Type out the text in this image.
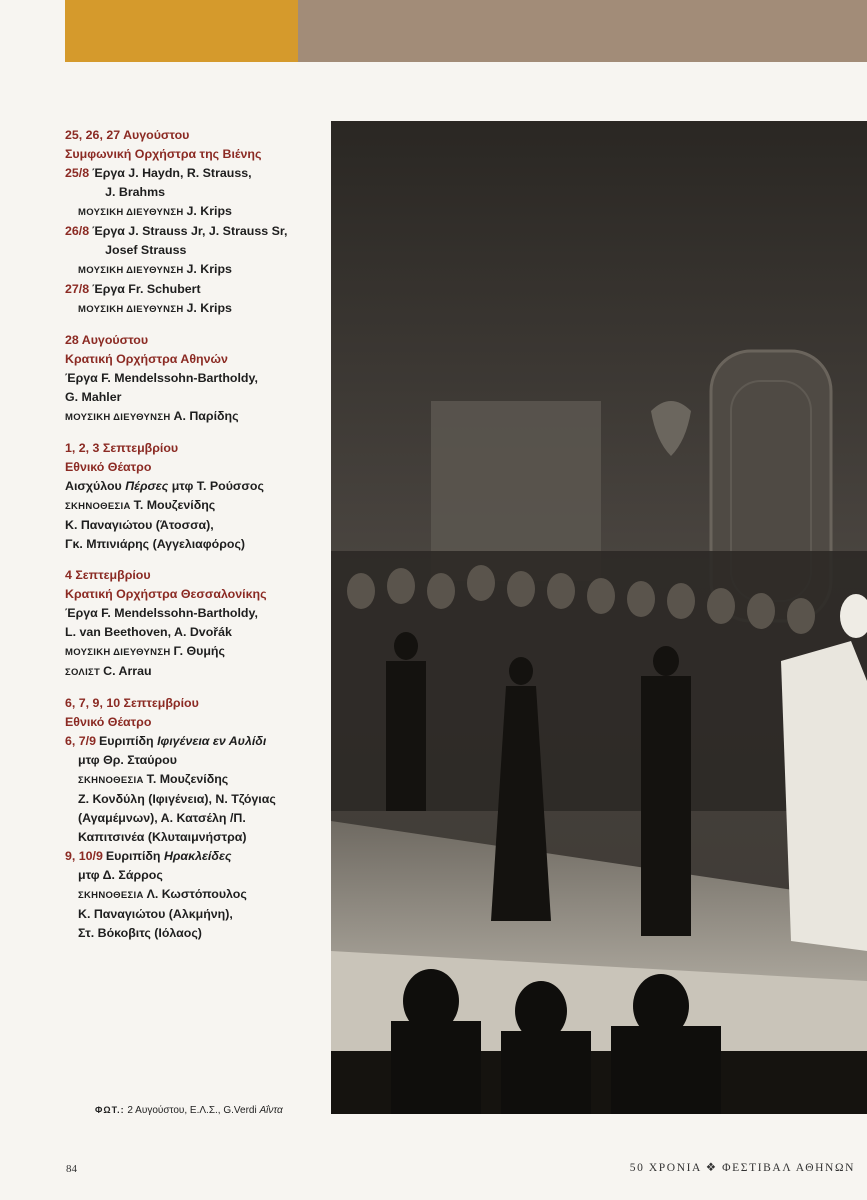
25, 26, 27 Αυγούστου
Συμφωνική Ορχήστρα της Βιένης
25/8 Έργα J. Haydn, R. Strauss,
J. Brahms
ΜΟΥΣΙΚΗ ΔΙΕΥΘΥΝΣΗ J. Krips
26/8 Έργα J. Strauss Jr, J. Strauss Sr,
Josef Strauss
ΜΟΥΣΙΚΗ ΔΙΕΥΘΥΝΣΗ J. Krips
27/8 Έργα Fr. Schubert
ΜΟΥΣΙΚΗ ΔΙΕΥΘΥΝΣΗ J. Krips
28 Αυγούστου
Κρατική Ορχήστρα Αθηνών
Έργα F. Mendelssohn-Bartholdy,
G. Mahler
ΜΟΥΣΙΚΗ ΔΙΕΥΘΥΝΣΗ Α. Παρίδης
1, 2, 3 Σεπτεμβρίου
Εθνικό Θέατρο
Αισχύλου Πέρσες μτφ Τ. Ρούσσος
ΣΚΗΝΟΘΕΣΙΑ Τ. Μουζενίδης
Κ. Παναγιώτου (Άτοσσα),
Γκ. Μπινιάρης (Αγγελιαφόρος)
4 Σεπτεμβρίου
Κρατική Ορχήστρα Θεσσαλονίκης
Έργα F. Mendelssohn-Bartholdy,
L. van Beethoven, A. Dvořák
ΜΟΥΣΙΚΗ ΔΙΕΥΘΥΝΣΗ Γ. Θυμής
ΣΟΛΙΣΤ C. Arrau
6, 7, 9, 10 Σεπτεμβρίου
Εθνικό Θέατρο
6, 7/9 Ευριπίδη Ιφιγένεια εν Αυλίδι
μτφ Θρ. Σταύρου
ΣΚΗΝΟΘΕΣΙΑ Τ. Μουζενίδης
Ζ. Κονδύλη (Ιφιγένεια), Ν. Τζόγιας
(Αγαμέμνων), Α. Κατσέλη /Π.
Καπιτσινέα (Κλυταιμνήστρα)
9, 10/9 Ευριπίδη Ηρακλείδες
μτφ Δ. Σάρρος
ΣΚΗΝΟΘΕΣΙΑ Λ. Κωστόπουλος
Κ. Παναγιώτου (Αλκμήνη),
Στ. Βόκοβιτς (Ιόλαος)
ΦΩΤ.: 2 Αυγούστου, Ε.Λ.Σ., G.Verdi Αΐντα
84	50 ΧΡΟΝΙΑ ❖ ΦΕΣΤΙΒΑΛ ΑΘΗΝΩΝ
